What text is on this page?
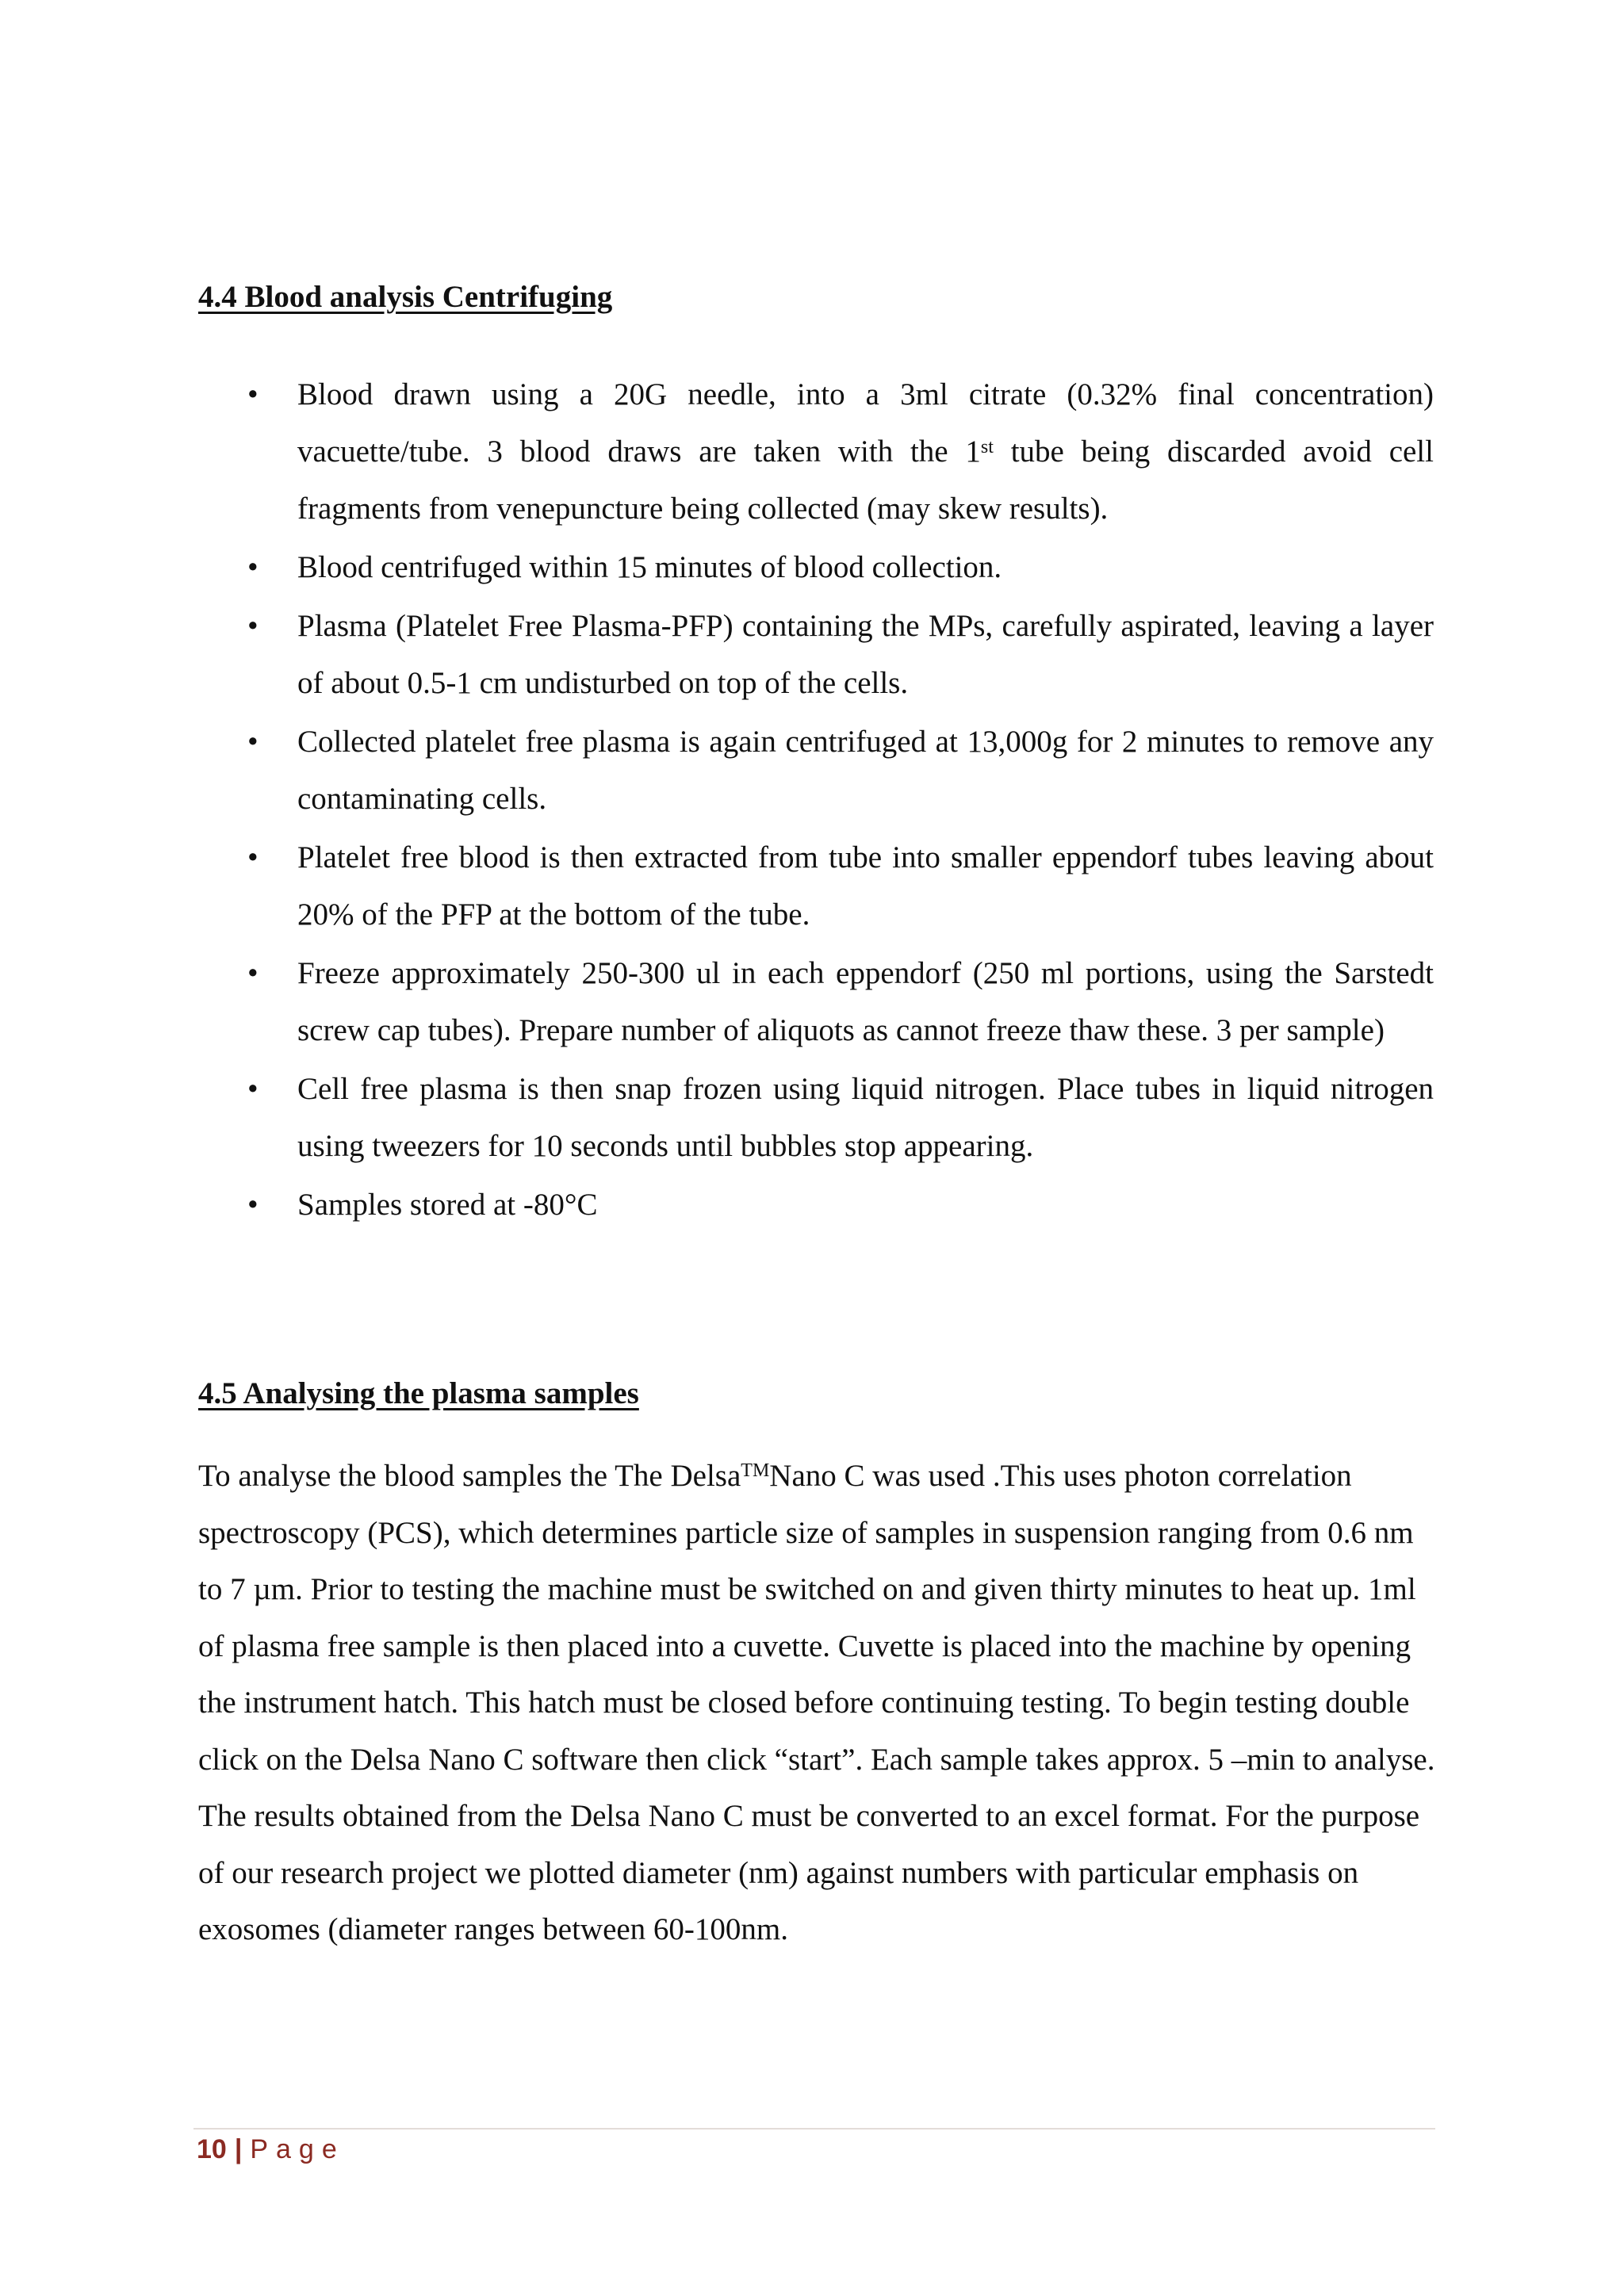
4.4 Blood analysis Centrifuging
• Blood drawn using a 20G needle, into a 3ml citrate (0.32% final concentration) vacuette/tube. 3 blood draws are taken with the 1st tube being discarded avoid cell fragments from venepuncture being collected (may skew results).
• Blood centrifuged within 15 minutes of blood collection.
• Plasma (Platelet Free Plasma-PFP) containing the MPs, carefully aspirated, leaving a layer of about 0.5-1 cm undisturbed on top of the cells.
• Collected platelet free plasma is again centrifuged at 13,000g for 2 minutes to remove any contaminating cells.
• Platelet free blood is then extracted from tube into smaller eppendorf tubes leaving about 20% of the PFP at the bottom of the tube.
• Freeze approximately 250-300 ul in each eppendorf (250 ml portions, using the Sarstedt screw cap tubes). Prepare number of aliquots as cannot freeze thaw these. 3 per sample)
• Cell free plasma is then snap frozen using liquid nitrogen. Place tubes in liquid nitrogen using tweezers for 10 seconds until bubbles stop appearing.
• Samples stored at -80°C
4.5 Analysing the plasma samples

To analyse the blood samples the The Delsa™Nano C was used .This uses photon correlation spectroscopy (PCS), which determines particle size of samples in suspension ranging from 0.6 nm to 7 µm. Prior to testing the machine must be switched on and given thirty minutes to heat up. 1ml of plasma free sample is then placed into a cuvette. Cuvette is placed into the machine by opening the instrument hatch. This hatch must be closed before continuing testing. To begin testing double click on the Delsa Nano C software then click “start”. Each sample takes approx. 5 –min to analyse. The results obtained from the Delsa Nano C must be converted to an excel format. For the purpose of our research project we plotted diameter (nm) against numbers with particular emphasis on exosomes (diameter ranges between 60-100nm.

10 | Page
